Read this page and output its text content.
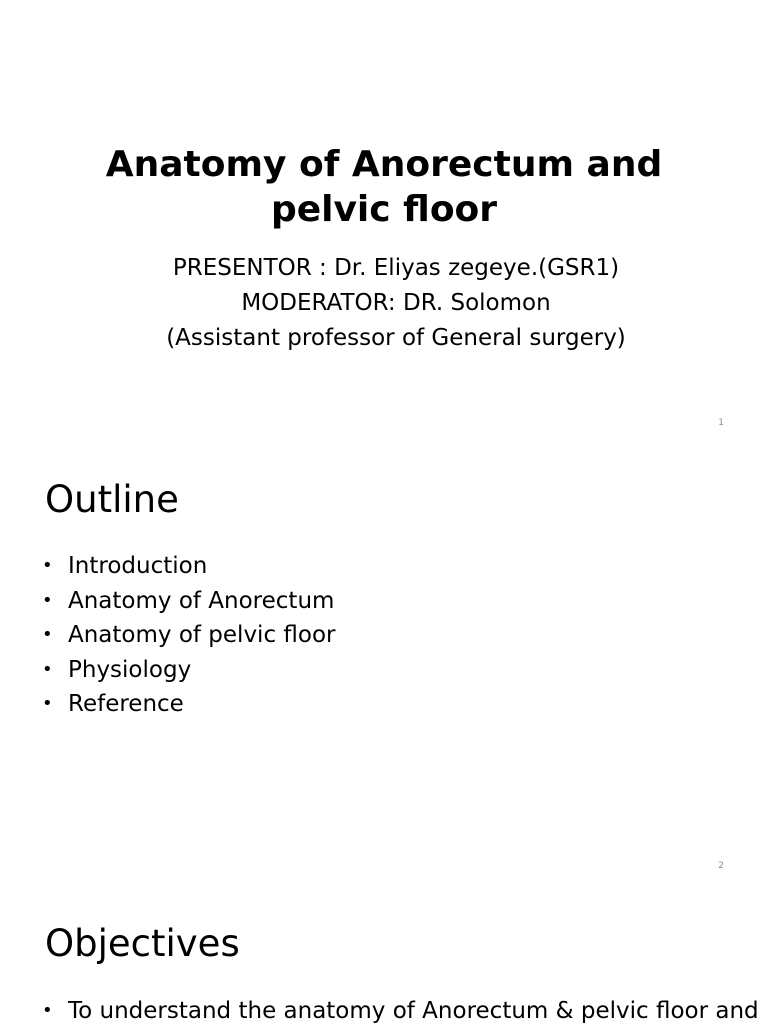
Anatomy of Anorectum and
pelvic floor
PRESENTOR : Dr. Eliyas zegeye.(GSR1)
MODERATOR: DR. Solomon
(Assistant professor of General surgery)
1
Outline
• Introduction
• Anatomy of Anorectum
• Anatomy of pelvic floor
• Physiology
• Reference
2
Objectives
• To understand the anatomy of Anorectum & pelvic floor and
